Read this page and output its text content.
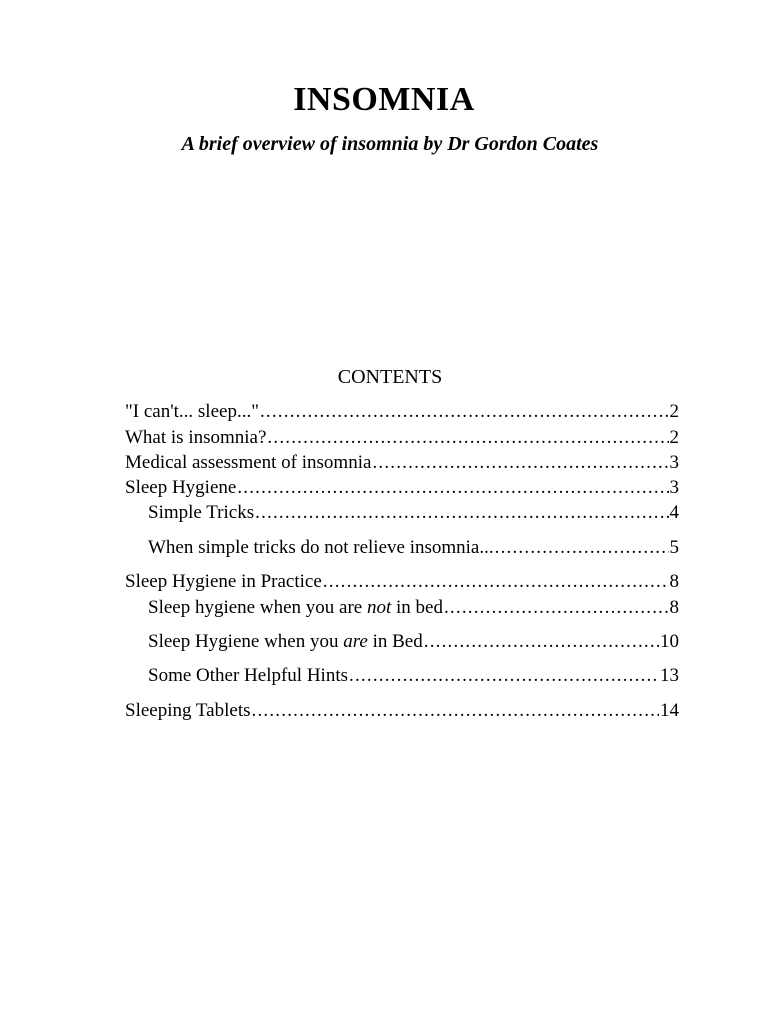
INSOMNIA
A brief overview of insomnia by Dr Gordon Coates
CONTENTS
"I can't... sleep..." .....	2
What is insomnia? .....	2
Medical assessment of insomnia .....	3
Sleep Hygiene .....	3
Simple Tricks .....	4
When simple tricks do not relieve insomnia... .....	5
Sleep Hygiene in Practice .....	8
Sleep hygiene when you are not in bed .....	8
Sleep Hygiene when you are in Bed .....	10
Some Other Helpful Hints .....	13
Sleeping Tablets .....	14
